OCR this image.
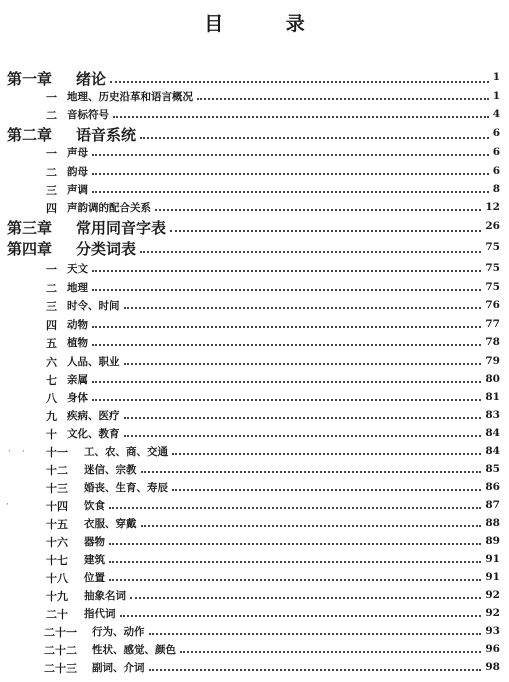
目 录
第一章 绪论	1
一 地理、历史沿革和语言概况	1
二 音标符号	4
第二章 语音系统	6
一 声母	6
二 韵母	6
三 声调	8
四 声韵调的配合关系	12
第三章 常用同音字表	26
第四章 分类词表	75
一 天文	75
二 地理	75
三 时令、时间	76
四 动物	77
五 植物	78
六 人品、职业	79
七 亲属	80
八 身体	81
九 疾病、医疗	83
十 文化、教育	84
十一 工、农、商、交通	84
十二 迷信、宗教	85
十三 婚丧、生育、寿辰	86
十四 饮食	87
十五 衣服、穿戴	88
十六 器物	89
十七 建筑	91
十八 位置	91
十九 抽象名词	92
二十 指代词	92
二十一 行为、动作	93
二十二 性状、感觉、颜色	96
二十三 副词、介词	98
· ·
·
